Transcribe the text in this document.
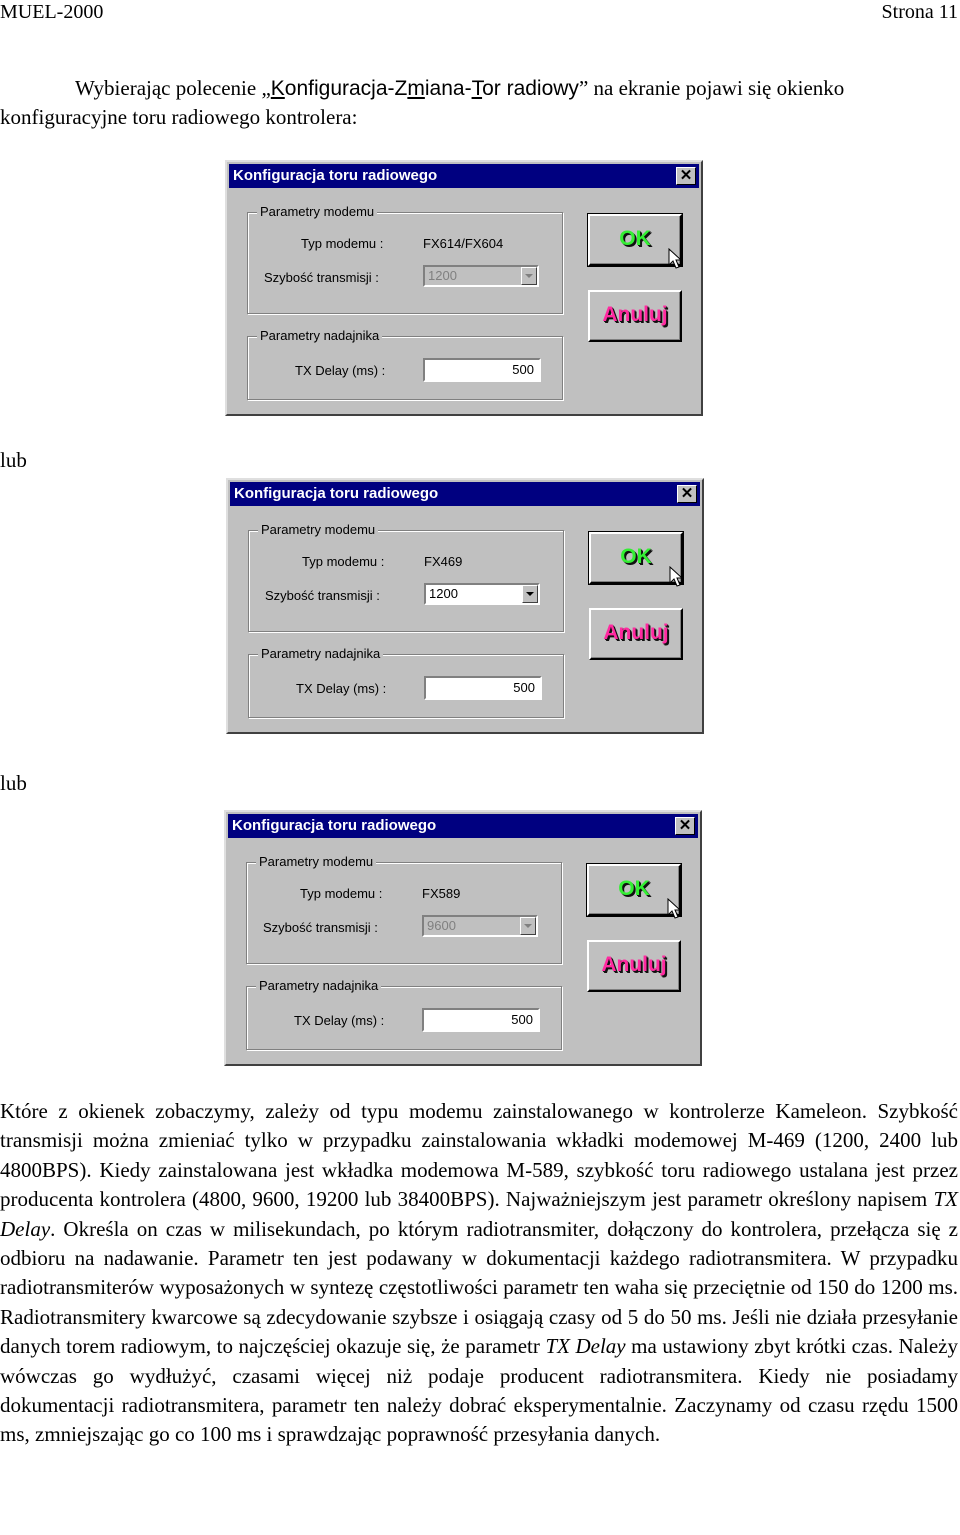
MUEL-2000	Strona 11
Wybierając polecenie „Konfiguracja-Zmiana-Tor radiowy” na ekranie pojawi się okienko konfiguracyjne toru radiowego kontrolera:
Konfiguracja toru radiowego	✕
Parametry modemu
Typ modemu :	FX614/FX604
Szybość transmisji :	1200
Parametry nadajnika
TX Delay (ms) :	500
OK
Anuluj
lub
Konfiguracja toru radiowego	✕
Parametry modemu
Typ modemu :	FX469
Szybość transmisji :	1200
Parametry nadajnika
TX Delay (ms) :	500
OK
Anuluj
lub
Konfiguracja toru radiowego	✕
Parametry modemu
Typ modemu :	FX589
Szybość transmisji :	9600
Parametry nadajnika
TX Delay (ms) :	500
OK
Anuluj
Które z okienek zobaczymy, zależy od typu modemu zainstalowanego w kontrolerze Kameleon. Szybkość transmisji można zmieniać tylko w przypadku zainstalowania wkładki modemowej M-469 (1200, 2400 lub 4800BPS). Kiedy zainstalowana jest wkładka modemowa M-589, szybkość toru radiowego ustalana jest przez producenta kontrolera (4800, 9600, 19200 lub 38400BPS). Najważniejszym jest parametr określony napisem TX Delay. Określa on czas w milisekundach, po którym radiotransmiter, dołączony do kontrolera, przełącza się z odbioru na nadawanie. Parametr ten jest podawany w dokumentacji każdego radiotransmitera. W przypadku radiotransmiterów wyposażonych w syntezę częstotliwości parametr ten waha się przeciętnie od 150 do 1200 ms. Radiotransmitery kwarcowe są zdecydowanie szybsze i osiągają czasy od 5 do 50 ms. Jeśli nie działa przesyłanie danych torem radiowym, to najczęściej okazuje się, że parametr TX Delay ma ustawiony zbyt krótki czas. Należy wówczas go wydłużyć, czasami więcej niż podaje producent radiotransmitera. Kiedy nie posiadamy dokumentacji radiotransmitera, parametr ten należy dobrać eksperymentalnie. Zaczynamy od czasu rzędu 1500 ms, zmniejszając go co 100 ms i sprawdzając poprawność przesyłania danych.
